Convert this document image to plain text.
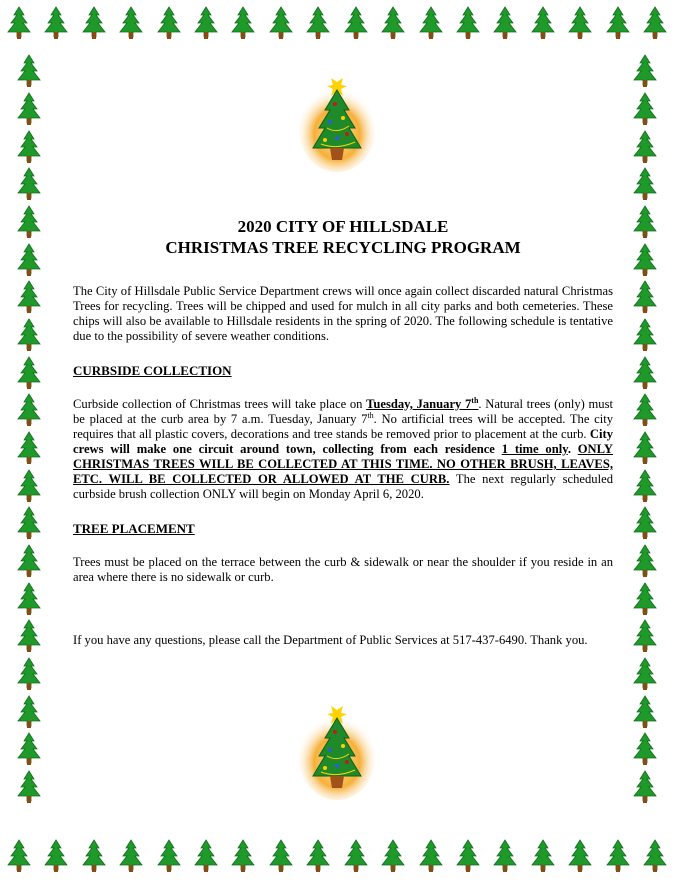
2020 CITY OF HILLSDALE
CHRISTMAS TREE RECYCLING PROGRAM

The City of Hillsdale Public Service Department crews will once again collect discarded natural Christmas Trees for recycling. Trees will be chipped and used for mulch in all city parks and both cemeteries. These chips will also be available to Hillsdale residents in the spring of 2020. The following schedule is tentative due to the possibility of severe weather conditions.

CURBSIDE COLLECTION

Curbside collection of Christmas trees will take place on Tuesday, January 7th. Natural trees (only) must be placed at the curb area by 7 a.m. Tuesday, January 7th. No artificial trees will be accepted. The city requires that all plastic covers, decorations and tree stands be removed prior to placement at the curb. City crews will make one circuit around town, collecting from each residence 1 time only. ONLY CHRISTMAS TREES WILL BE COLLECTED AT THIS TIME. NO OTHER BRUSH, LEAVES, ETC. WILL BE COLLECTED OR ALLOWED AT THE CURB. The next regularly scheduled curbside brush collection ONLY will begin on Monday April 6, 2020.

TREE PLACEMENT

Trees must be placed on the terrace between the curb & sidewalk or near the shoulder if you reside in an area where there is no sidewalk or curb.

If you have any questions, please call the Department of Public Services at 517-437-6490. Thank you.
